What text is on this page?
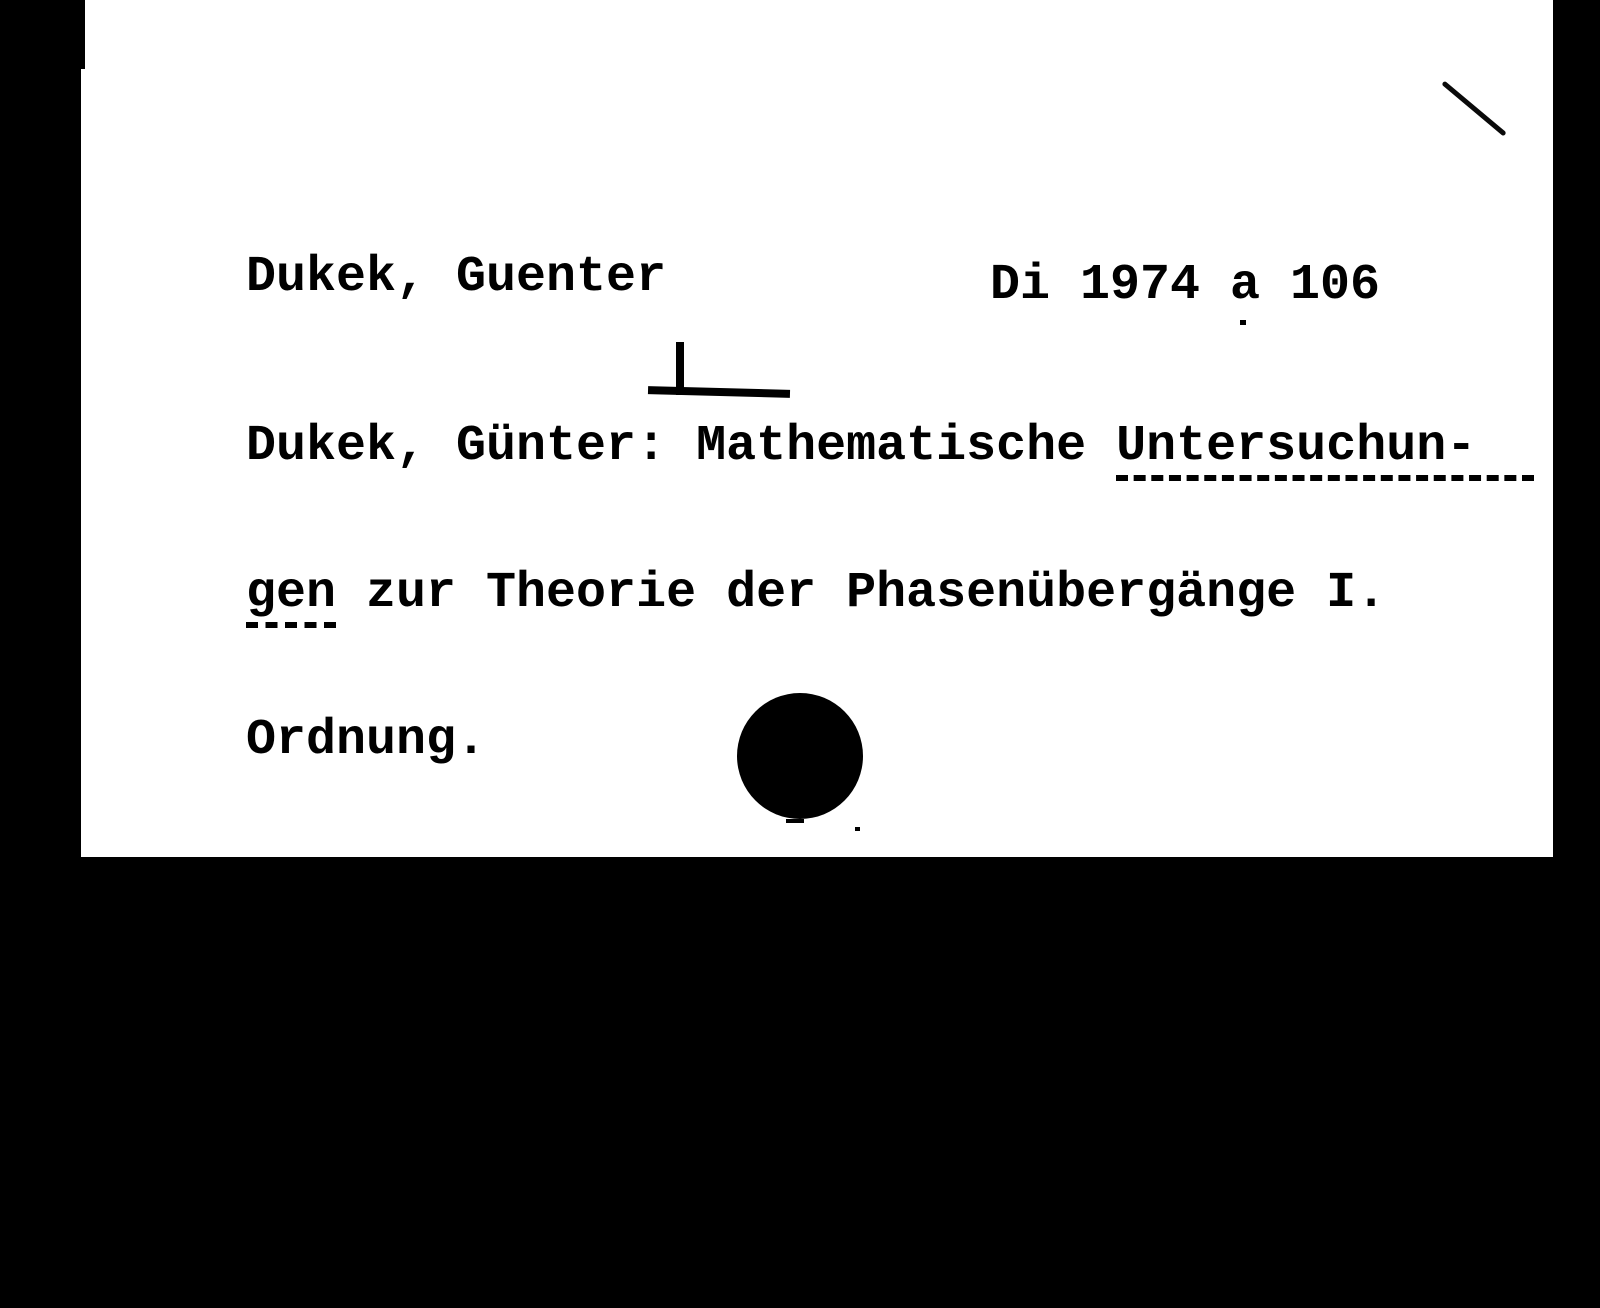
Dukek, Guenter	Di 1974 a 106

Dukek, Günter: Mathematische Untersuchun-

gen zur Theorie der Phasenübergänge I.

Ordnung.

(Bamberg 1973: Schmacht.) 46 S. $8^0$

Karlsruhe, Fak. f. Physik, Diss. v. 22.

6. 1973
